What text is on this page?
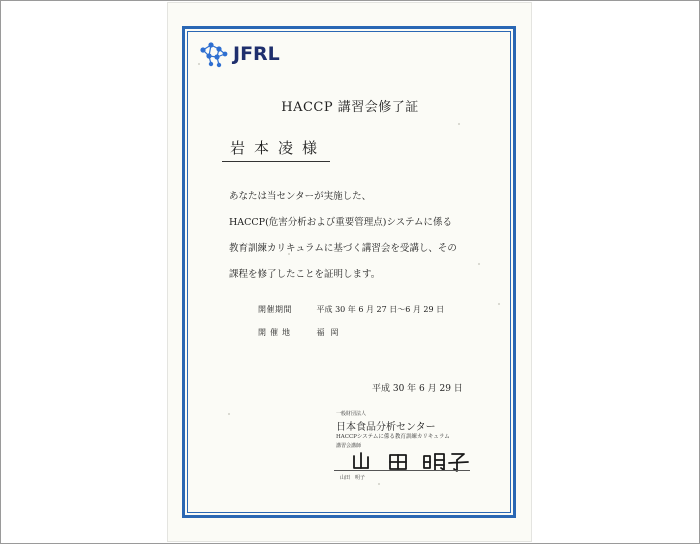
JFRL
HACCP 講習会修了証
岩本凌様
あなたは当センターが実施した、
HACCP(危害分析および重要管理点)システムに係る
教育訓練カリキュラムに基づく講習会を受講し、その
課程を修了したことを証明します。
開催期間	平成 30 年 6 月 27 日〜6 月 29 日
開催地	福岡
平成 30 年 6 月 29 日
一般財団法人
日本食品分析センター
HACCPシステムに係る教育訓練カリキュラム
講習会講師
山田　明子
